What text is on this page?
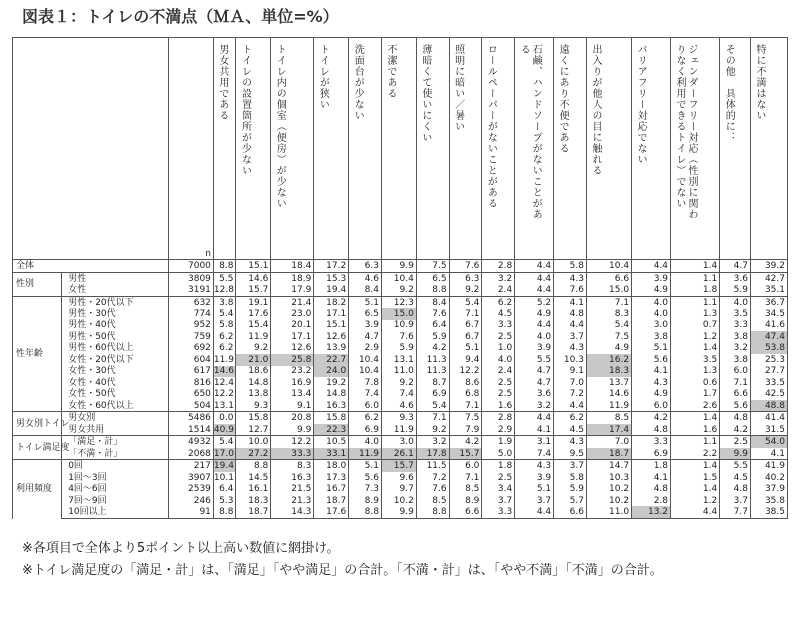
図表１：トイレの不満点（ＭＡ、単位=%）
		n	男女共用である	トイレの設置箇所が少ない	トイレ内の個室（便房）が少ない	トイレが狭い	洗面台が少ない	不潔である	薄暗くて使いにくい	照明に暗い／暑い	ロールペーパーがないことがある	石鹸、ハンドソープがないことがある	遠くにあり不便である	出入りが他人の目に触れる	バリアフリー対応でない	ジェンダーフリー対応（性別に関わりなく利用できるトイレ）でない	その他　具体的に：	特に不満はない
全体		7000	8.8	15.1	18.4	17.2	6.3	9.9	7.5	7.6	2.8	4.4	5.8	10.4	4.4	1.4	4.7	39.2
性別	男性	3809	5.5	14.6	18.9	15.3	4.6	10.4	6.5	6.3	3.2	4.4	4.3	6.6	3.9	1.1	3.6	42.7
	女性	3191	12.8	15.7	17.9	19.4	8.4	9.2	8.8	9.2	2.4	4.4	7.6	15.0	4.9	1.8	5.9	35.1
性年齢	男性・20代以下	632	3.8	19.1	21.4	18.2	5.1	12.3	8.4	5.4	6.2	5.2	4.1	7.1	4.0	1.1	4.0	36.7
	男性・30代	774	5.4	17.6	23.0	17.1	6.5	15.0	7.6	7.1	4.5	4.9	4.8	8.3	4.0	1.3	3.5	34.5
	男性・40代	952	5.8	15.4	20.1	15.1	3.9	10.9	6.4	6.7	3.3	4.4	4.4	5.4	3.0	0.7	3.3	41.6
	男性・50代	759	6.2	11.9	17.1	12.6	4.7	7.6	5.9	6.7	2.5	4.0	3.7	7.5	3.8	1.2	3.8	47.4
	男性・60代以上	692	6.2	9.2	12.6	13.9	2.9	5.9	4.2	5.1	1.0	3.9	4.3	4.9	5.1	1.4	3.2	53.8
	女性・20代以下	604	11.9	21.0	25.8	22.7	10.4	13.1	11.3	9.4	4.0	5.5	10.3	16.2	5.6	3.5	3.8	25.3
	女性・30代	617	14.6	18.6	23.2	24.0	10.4	11.0	11.3	12.2	2.4	4.7	9.1	18.3	4.1	1.3	6.0	27.7
	女性・40代	816	12.4	14.8	16.9	19.2	7.8	9.2	8.7	8.6	2.5	4.7	7.0	13.7	4.3	0.6	7.1	33.5
	女性・50代	650	12.2	13.8	13.4	14.8	7.4	7.4	6.9	6.8	2.5	3.6	7.2	14.6	4.9	1.7	6.6	42.5
	女性・60代以上	504	13.1	9.3	9.1	16.3	6.0	4.6	5.4	7.1	1.6	3.2	4.4	11.9	6.0	2.6	5.6	48.8
男女別トイレ	男女別	5486	0.0	15.8	20.8	15.8	6.2	9.3	7.1	7.5	2.8	4.4	6.2	8.5	4.2	1.4	4.8	41.4
	男女共用	1514	40.9	12.7	9.9	22.3	6.9	11.9	9.2	7.9	2.9	4.1	4.5	17.4	4.8	1.6	4.2	31.5
トイレ満足度	「満足・計」	4932	5.4	10.0	12.2	10.5	4.0	3.0	3.2	4.2	1.9	3.1	4.3	7.0	3.3	1.1	2.5	54.0
	「不満・計」	2068	17.0	27.2	33.3	33.1	11.9	26.1	17.8	15.7	5.0	7.4	9.5	18.7	6.9	2.2	9.9	4.1
利用頻度	0回	217	19.4	8.8	8.3	18.0	5.1	15.7	11.5	6.0	1.8	4.3	3.7	14.7	1.8	1.4	5.5	41.9
	1回～3回	3907	10.1	14.5	16.3	17.3	5.6	9.6	7.2	7.1	2.5	3.9	5.8	10.3	4.1	1.5	4.5	40.2
	4回～6回	2539	6.4	16.1	21.5	16.7	7.3	9.7	7.6	8.5	3.4	5.1	5.9	10.2	4.8	1.4	4.8	37.9
	7回～9回	246	5.3	18.3	21.3	18.7	8.9	10.2	8.5	8.9	3.7	3.7	5.7	10.2	2.8	1.2	3.7	35.8
	10回以上	91	8.8	18.7	14.3	17.6	8.8	9.9	8.8	6.6	3.3	4.4	6.6	11.0	13.2	4.4	7.7	38.5

※各項目で全体より5ポイント以上高い数値に網掛け。

※トイレ満足度の「満足・計」は、「満足」「やや満足」の合計。「不満・計」は、「やや不満」「不満」の合計。
